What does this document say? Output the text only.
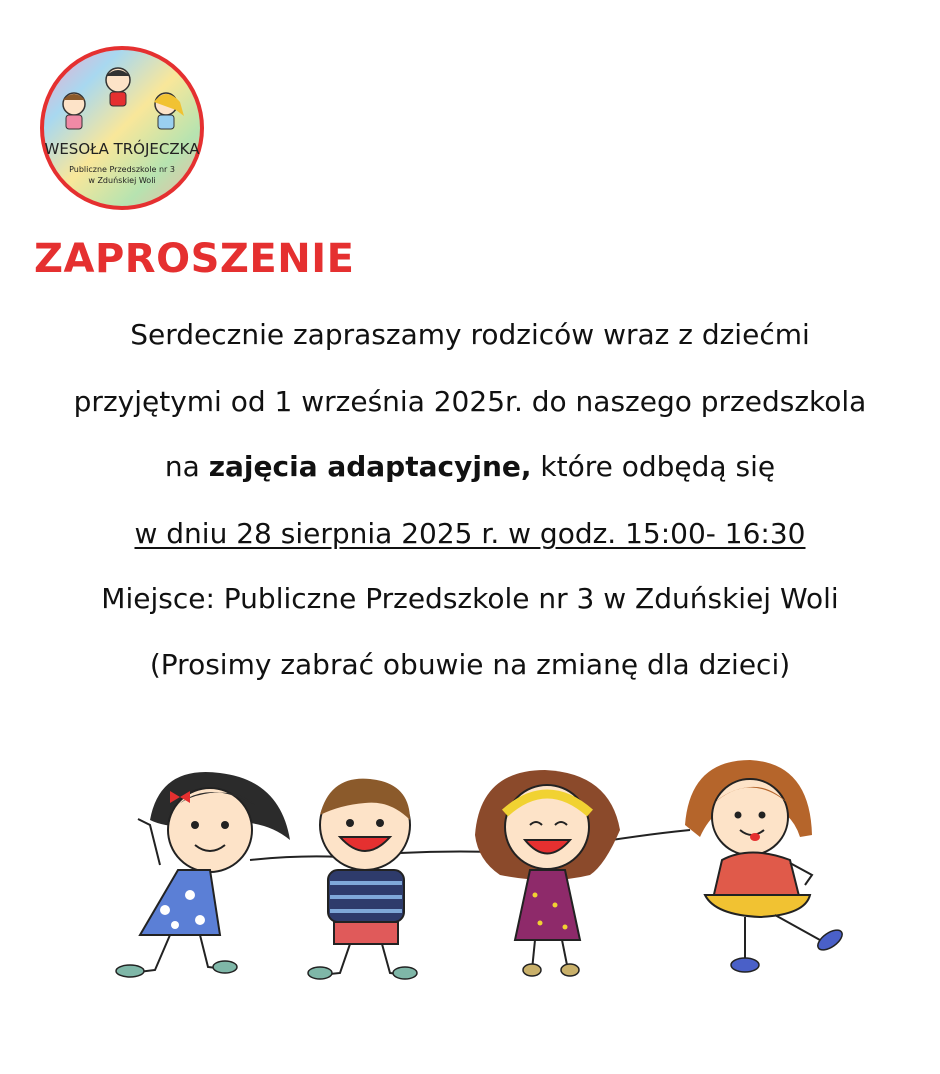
WESOŁA TRÓJECZKA
Publiczne Przedszkole nr 3
w Zduńskiej Woli
ZAPROSZENIE
Serdecznie zapraszamy rodziców wraz z dziećmi
przyjętymi od 1 września 2025r. do naszego przedszkola
na zajęcia adaptacyjne, które odbędą się
w dniu 28 sierpnia 2025 r. w godz. 15:00- 16:30
Miejsce: Publiczne Przedszkole nr 3 w Zduńskiej Woli
(Prosimy zabrać obuwie na zmianę dla dzieci)
